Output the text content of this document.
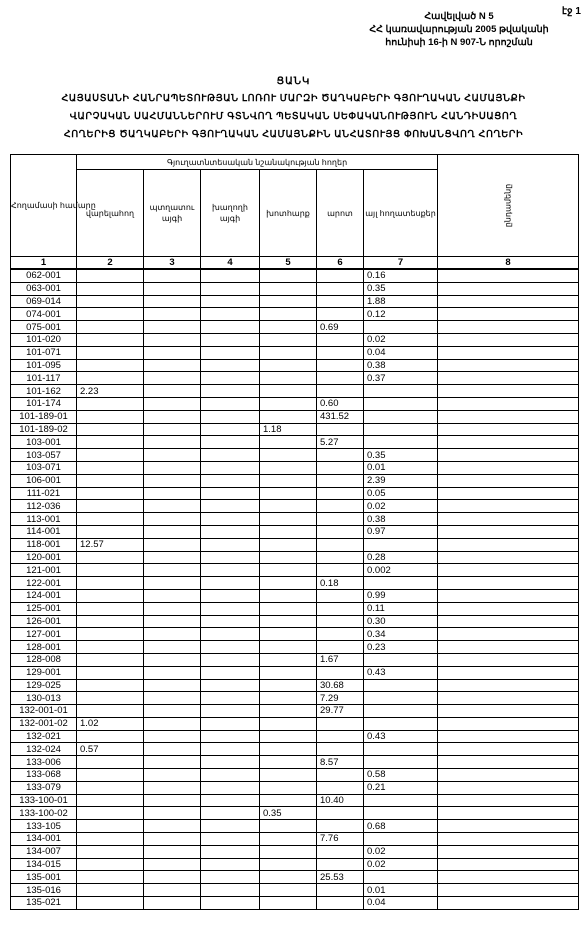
էջ 1
Հավելված N 5
ՀՀ կառավարության 2005 թվականի
հունիսի 16-ի N 907-Ն որոշման
ՑԱՆԿ
ՀԱՅԱՍՏԱՆԻ ՀԱՆՐԱՊԵՏՈՒԹՅԱՆ ԼՈՌՈՒ ՄԱՐԶԻ ԾԱՂԿԱԲԵՐԻ ԳՅՈՒՂԱԿԱՆ ՀԱՄԱՅՆՔԻ
ՎԱՐՉԱԿԱՆ ՍԱՀՄԱՆՆԵՐՈՒՄ ԳՏՆՎՈՂ ՊԵՏԱԿԱՆ ՍԵՓԱԿԱՆՈՒԹՅՈՒՆ ՀԱՆԴԻՍԱՑՈՂ
ՀՈՂԵՐԻՑ ԾԱՂԿԱԲԵՐԻ ԳՅՈՒՂԱԿԱՆ ՀԱՄԱՅՆՔԻՆ ԱՆՀԱՏՈՒՅՑ ՓՈԽԱՆՑՎՈՂ ՀՈՂԵՐԻ
Հողամասի համարը	Գյուղատնտեսական նշանակության հողեր						ընդամենը

	վարելահող	պտղատու այգի	խաղողի այգի	խոտհարք	արոտ	այլ հողատեսքեր	
1	2	3	4	5	6	7	8
062-001						0.16	
063-001						0.35	
069-014						1.88	
074-001						0.12	
075-001					0.69		
101-020						0.02	
101-071						0.04	
101-095						0.38	
101-117						0.37	
101-162	2.23						
101-174					0.60		
101-189-01					431.52		
101-189-02				1.18			
103-001					5.27		
103-057						0.35	
103-071						0.01	
106-001						2.39	
111-021						0.05	
112-036						0.02	
113-001						0.38	
114-001						0.97	
118-001	12.57						
120-001						0.28	
121-001						0.002	
122-001					0.18		
124-001						0.99	
125-001						0.11	
126-001						0.30	
127-001						0.34	
128-001						0.23	
128-008					1.67		
129-001						0.43	
129-025					30.68		
130-013					7.29		
132-001-01					29.77		
132-001-02	1.02						
132-021						0.43	
132-024	0.57						
133-006					8.57		
133-068						0.58	
133-079						0.21	
133-100-01					10.40		
133-100-02				0.35			
133-105						0.68	
134-001					7.76		
134-007						0.02	
134-015						0.02	
135-001					25.53		
135-016						0.01	
135-021						0.04	
